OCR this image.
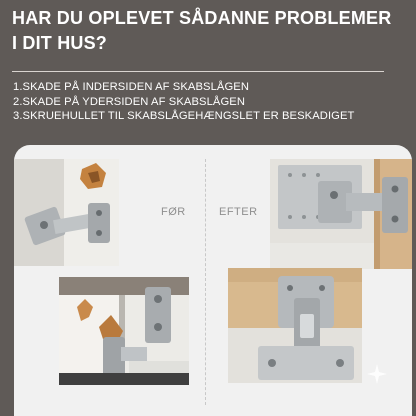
HAR DU OPLEVET SÅDANNE PROBLEMER
I DIT HUS?
1.SKADE PÅ INDERSIDEN AF SKABSLÅGEN
2.SKADE PÅ YDERSIDEN AF SKABSLÅGEN
3.SKRUEHULLET TIL SKABSLÅGEHÆNGSLET ER BESKADIGET
FØR	EFTER
